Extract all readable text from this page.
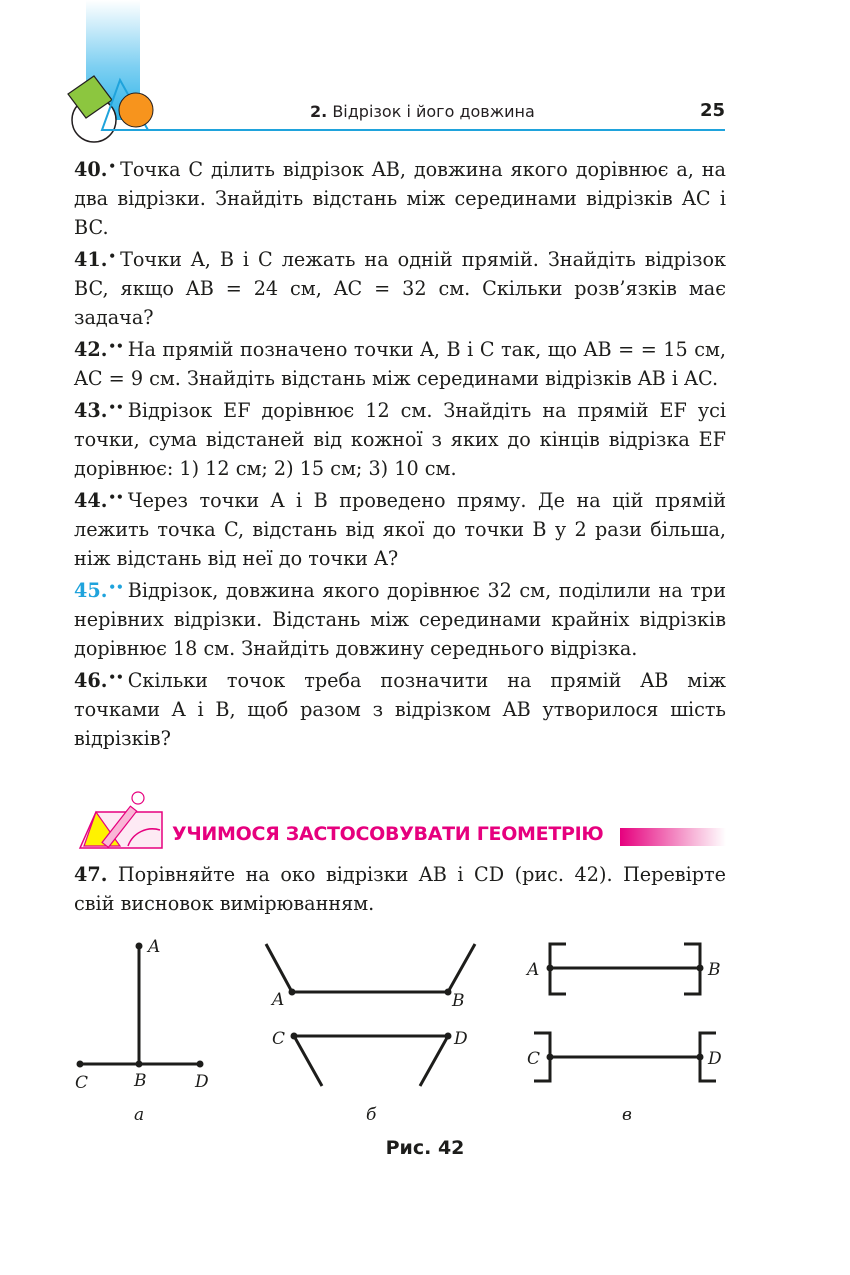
2. Відрізок і його довжина	25

40.• Точка C ділить відрізок AB, довжина якого дорівнює a, на два відрізки. Знайдіть відстань між серединами відрізків AC і BC.

41.• Точки A, B і C лежать на одній прямій. Знайдіть відрізок BC, якщо AB = 24 см, AC = 32 см. Скільки розв’язків має задача?

42.•• На прямій позначено точки A, B і C так, що AB = = 15 см, AC = 9 см. Знайдіть відстань між серединами відрізків AB і AC.

43.•• Відрізок EF дорівнює 12 см. Знайдіть на прямій EF усі точки, сума відстаней від кожної з яких до кінців відрізка EF дорівнює: 1) 12 см; 2) 15 см; 3) 10 см.

44.•• Через точки A і B проведено пряму. Де на цій прямій лежить точка C, відстань від якої до точки B у 2 рази більша, ніж відстань від неї до точки A?

45.•• Відрізок, довжина якого дорівнює 32 см, поділили на три нерівних відрізки. Відстань між серединами крайніх відрізків дорівнює 18 см. Знайдіть довжину середнього відрізка.

46.•• Скільки точок треба позначити на прямій AB між точками A і B, щоб разом з відрізком AB утворилося шість відрізків?

УЧИМОСЯ ЗАСТОСОВУВАТИ ГЕОМЕТРІЮ
47. Порівняйте на око відрізки AB і CD (рис. 42). Перевірте свій висновок вимірюванням.
A
C	B	D
а
A	B
C	D
б
A	B
C	D
в
Рис. 42
